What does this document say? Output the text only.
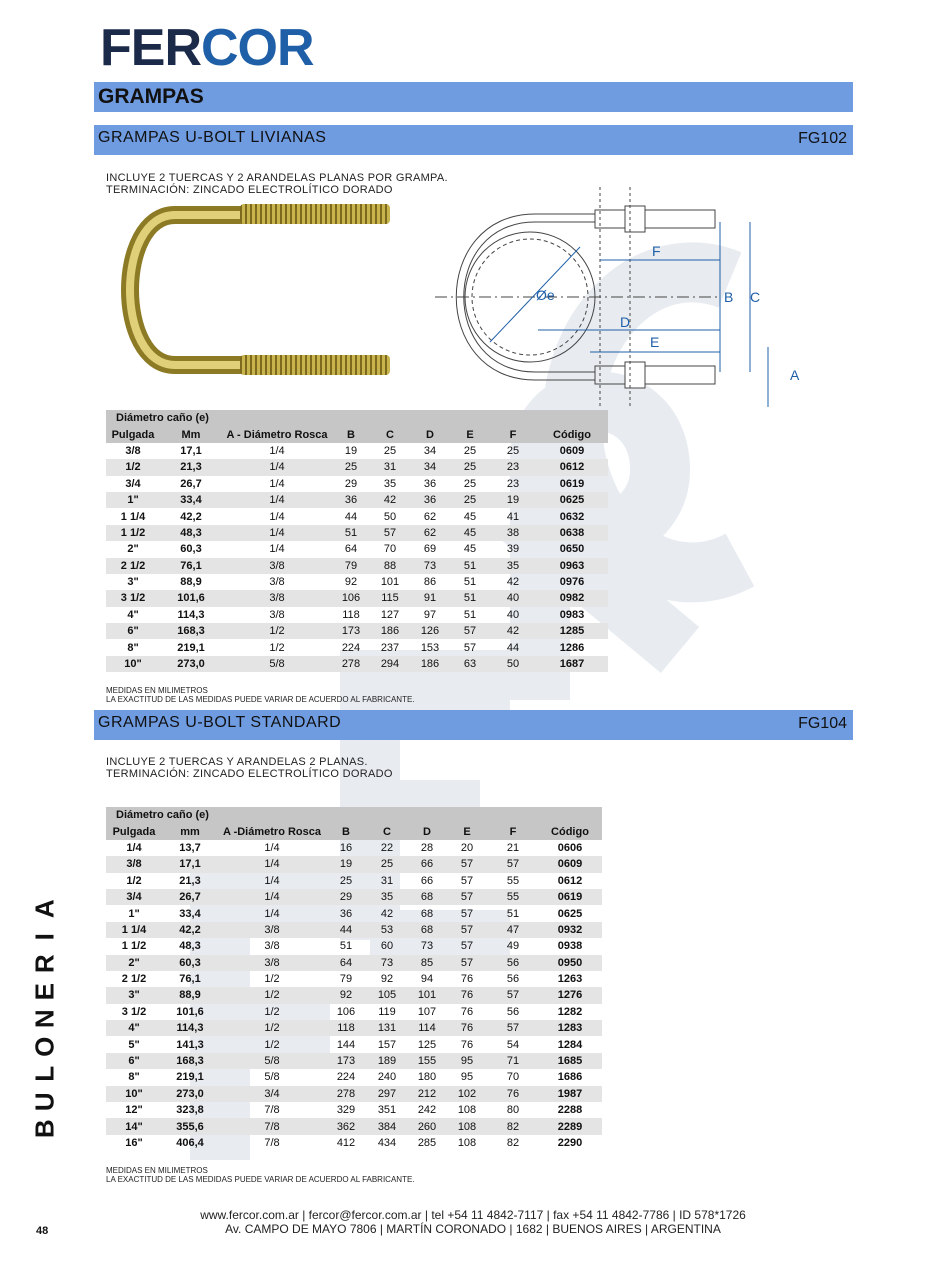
FERCOR
GRAMPAS
GRAMPAS U-BOLT LIVIANAS	FG102
INCLUYE 2 TUERCAS Y 2 ARANDELAS PLANAS POR GRAMPA.
TERMINACIÓN: ZINCADO ELECTROLÍTICO DORADO
F
B C
D
E
A
Øe
Diámetro caño (e)								
Pulgada	Mm	A - Diámetro Rosca	B	C	D	E	F	Código
3/8	17,1	1/4	19	25	34	25	25	0609
1/2	21,3	1/4	25	31	34	25	23	0612
3/4	26,7	1/4	29	35	36	25	23	0619
1"	33,4	1/4	36	42	36	25	19	0625
1 1/4	42,2	1/4	44	50	62	45	41	0632
1 1/2	48,3	1/4	51	57	62	45	38	0638
2"	60,3	1/4	64	70	69	45	39	0650
2 1/2	76,1	3/8	79	88	73	51	35	0963
3"	88,9	3/8	92	101	86	51	42	0976
3 1/2	101,6	3/8	106	115	91	51	40	0982
4"	114,3	3/8	118	127	97	51	40	0983
6"	168,3	1/2	173	186	126	57	42	1285
8"	219,1	1/2	224	237	153	57	44	1286
10"	273,0	5/8	278	294	186	63	50	1687
MEDIDAS EN MILIMETROS
LA EXACTITUD DE LAS MEDIDAS PUEDE VARIAR DE ACUERDO AL FABRICANTE.
GRAMPAS U-BOLT STANDARD	FG104
INCLUYE 2 TUERCAS Y ARANDELAS 2 PLANAS.
TERMINACIÓN: ZINCADO ELECTROLÍTICO DORADO
Diámetro caño (e)								
Pulgada	mm	A -Diámetro Rosca	B	C	D	E	F	Código
1/4	13,7	1/4	16	22	28	20	21	0606
3/8	17,1	1/4	19	25	66	57	57	0609
1/2	21,3	1/4	25	31	66	57	55	0612
3/4	26,7	1/4	29	35	68	57	55	0619
1"	33,4	1/4	36	42	68	57	51	0625
1 1/4	42,2	3/8	44	53	68	57	47	0932
1 1/2	48,3	3/8	51	60	73	57	49	0938
2"	60,3	3/8	64	73	85	57	56	0950
2 1/2	76,1	1/2	79	92	94	76	56	1263
3"	88,9	1/2	92	105	101	76	57	1276
3 1/2	101,6	1/2	106	119	107	76	56	1282
4"	114,3	1/2	118	131	114	76	57	1283
5"	141,3	1/2	144	157	125	76	54	1284
6"	168,3	5/8	173	189	155	95	71	1685
8"	219,1	5/8	224	240	180	95	70	1686
10"	273,0	3/4	278	297	212	102	76	1987
12"	323,8	7/8	329	351	242	108	80	2288
14"	355,6	7/8	362	384	260	108	82	2289
16"	406,4	7/8	412	434	285	108	82	2290
MEDIDAS EN MILIMETROS
LA EXACTITUD DE LAS MEDIDAS PUEDE VARIAR DE ACUERDO AL FABRICANTE.
B
U
L
O
N
E
R
I
A
www.fercor.com.ar | fercor@fercor.com.ar | tel +54 11 4842-7117 | fax +54 11 4842-7786 | ID 578*1726
Av. CAMPO DE MAYO 7806 | MARTÍN CORONADO | 1682 | BUENOS AIRES | ARGENTINA
48
